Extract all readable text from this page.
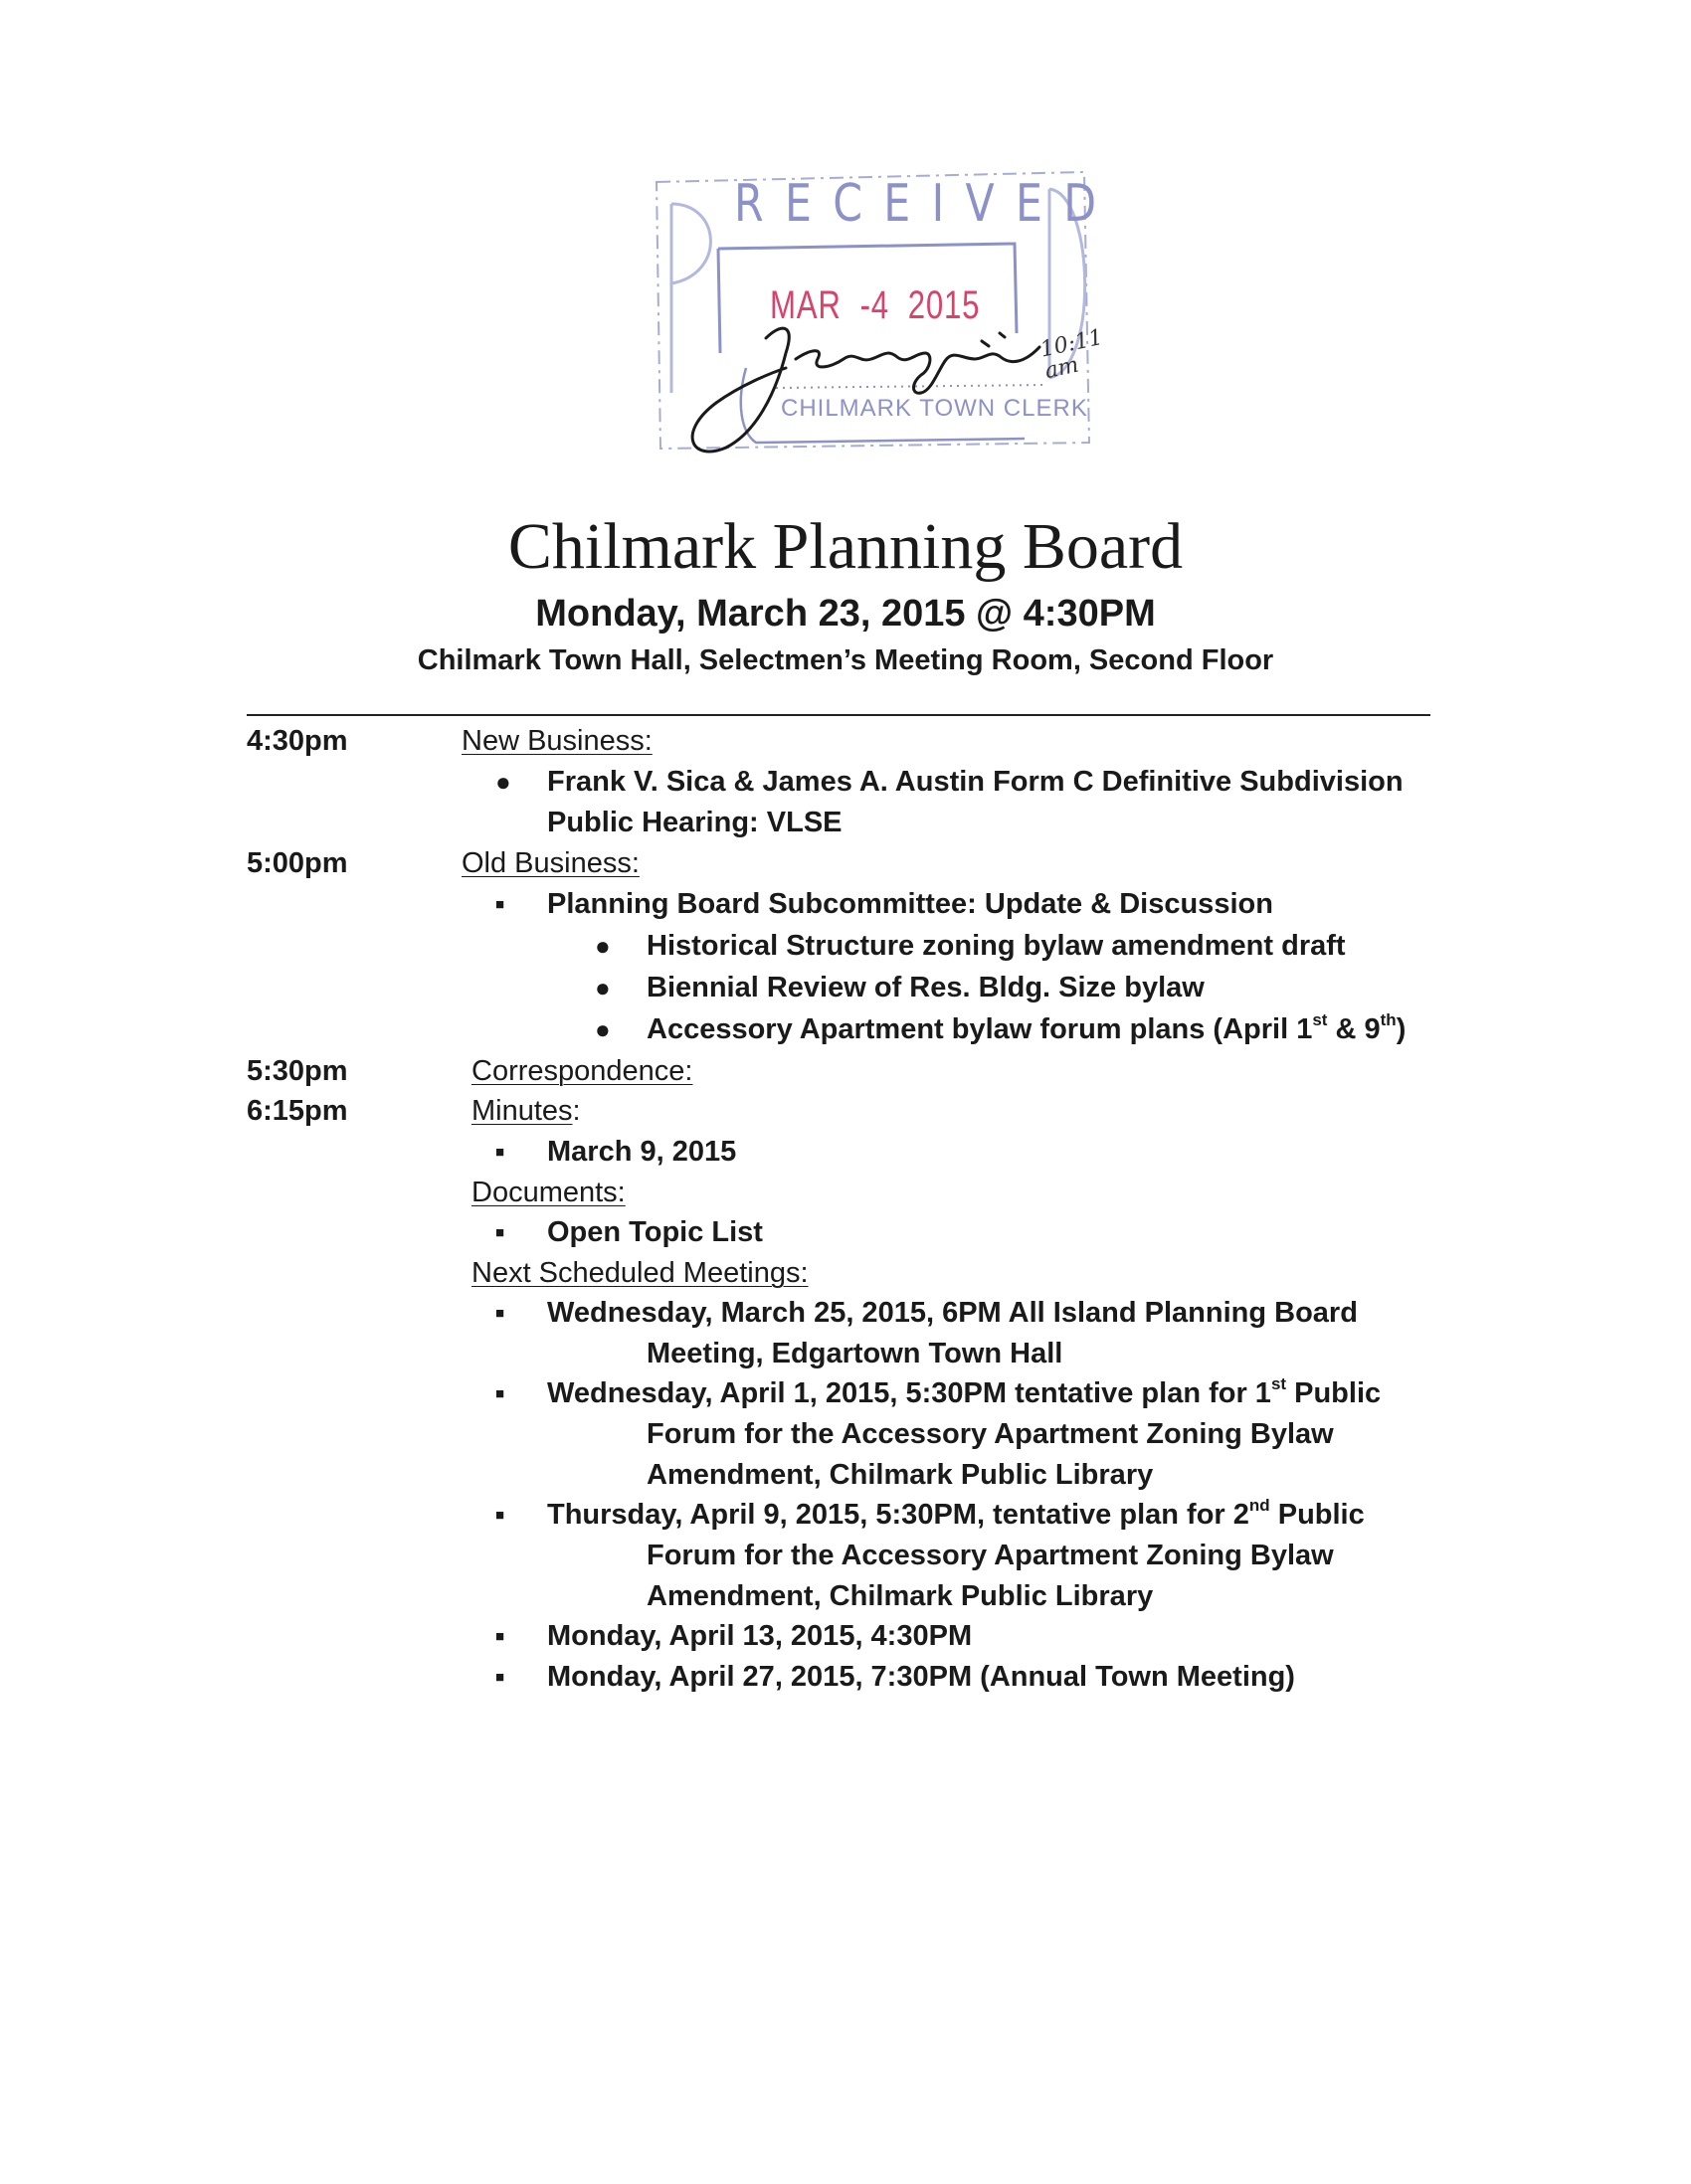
RECEIVED
MAR  -4  2015
CHILMARK TOWN CLERK
10:11 am
Chilmark Planning Board
Monday, March 23, 2015 @ 4:30PM
Chilmark Town Hall, Selectmen’s Meeting Room, Second Floor
4:30pm	New Business:
● Frank V. Sica & James A. Austin Form C Definitive Subdivision
Public Hearing: VLSE
5:00pm	Old Business:
■ Planning Board Subcommittee: Update & Discussion
● Historical Structure zoning bylaw amendment draft
● Biennial Review of Res. Bldg. Size bylaw
● Accessory Apartment bylaw forum plans (April 1st & 9th)
5:30pm	Correspondence:
6:15pm	Minutes:
■ March 9, 2015
Documents:
■ Open Topic List
Next Scheduled Meetings:
■ Wednesday, March 25, 2015, 6PM All Island Planning Board
Meeting, Edgartown Town Hall
■ Wednesday, April 1, 2015, 5:30PM tentative plan for 1st Public
Forum for the Accessory Apartment Zoning Bylaw
Amendment, Chilmark Public Library
■ Thursday, April 9, 2015, 5:30PM, tentative plan for 2nd Public
Forum for the Accessory Apartment Zoning Bylaw
Amendment, Chilmark Public Library
■ Monday, April 13, 2015, 4:30PM
■ Monday, April 27, 2015, 7:30PM (Annual Town Meeting)
